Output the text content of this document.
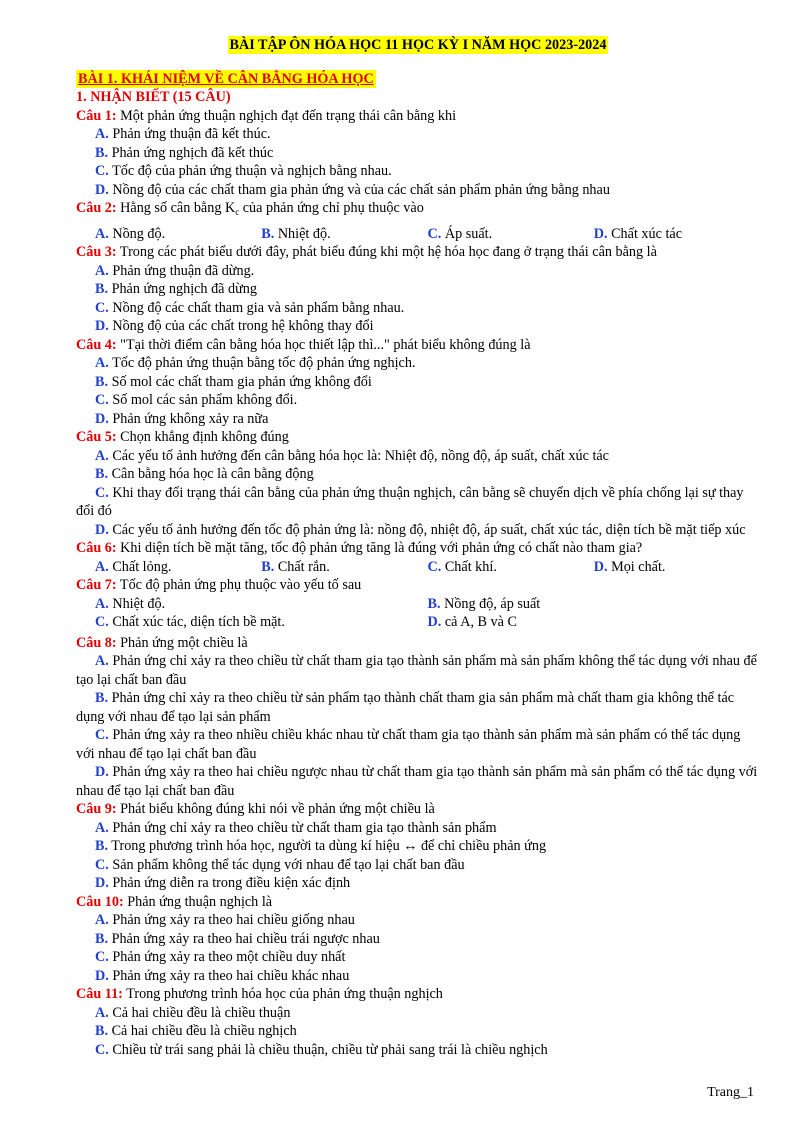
BÀI TẬP ÔN HÓA HỌC 11 HỌC KỲ I NĂM HỌC 2023-2024
BÀI 1. KHÁI NIỆM VỀ CÂN BẰNG HÓA HỌC
1. NHẬN BIẾT (15 CÂU)
Câu 1: Một phản ứng thuận nghịch đạt đến trạng thái cân bằng khi
A. Phản ứng thuận đã kết thúc.
B. Phản ứng nghịch đã kết thúc
C. Tốc độ của phản ứng thuận và nghịch bằng nhau.
D. Nồng độ của các chất tham gia phản ứng và của các chất sản phẩm phản ứng bằng nhau
Câu 2: Hằng số cân bằng $K_c$ của phản ứng chỉ phụ thuộc vào
A. Nồng độ.	B. Nhiệt độ.	C. Áp suất.	D. Chất xúc tác
Câu 3: Trong các phát biểu dưới đây, phát biểu đúng khi một hệ hóa học đang ở trạng thái cân bằng là
A. Phản ứng thuận đã dừng.
B. Phản ứng nghịch đã dừng
C. Nồng độ các chất tham gia và sản phẩm bằng nhau.
D. Nồng độ của các chất trong hệ không thay đổi
Câu 4: "Tại thời điểm cân bằng hóa học thiết lập thì..." phát biểu không đúng là
A. Tốc độ phản ứng thuận bằng tốc độ phản ứng nghịch.
B. Số mol các chất tham gia phản ứng không đổi
C. Số mol các sản phẩm không đổi.
D. Phản ứng không xảy ra nữa
Câu 5: Chọn khẳng định không đúng
A. Các yếu tố ảnh hưởng đến cân bằng hóa học là: Nhiệt độ, nồng độ, áp suất, chất xúc tác
B. Cân bằng hóa học là cân bằng động
C. Khi thay đổi trạng thái cân bằng của phản ứng thuận nghịch, cân bằng sẽ chuyển dịch về phía chống lại sự thay đổi đó
D. Các yếu tố ảnh hưởng đến tốc độ phản ứng là: nồng độ, nhiệt độ, áp suất, chất xúc tác, diện tích bề mặt tiếp xúc
Câu 6: Khi diện tích bề mặt tăng, tốc độ phản ứng tăng là đúng với phản ứng có chất nào tham gia?
A. Chất lỏng.	B. Chất rắn.	C. Chất khí.	D. Mọi chất.
Câu 7: Tốc độ phản ứng phụ thuộc vào yếu tố sau
A. Nhiệt độ.	B. Nồng độ, áp suất
C. Chất xúc tác, diện tích bề mặt.	D. cả A, B và C
Câu 8: Phản ứng một chiều là
A. Phản ứng chỉ xảy ra theo chiều từ chất tham gia tạo thành sản phẩm mà sản phẩm không thể tác dụng với nhau để tạo lại chất ban đầu
B. Phản ứng chỉ xảy ra theo chiều từ sản phẩm tạo thành chất tham gia sản phẩm mà chất tham gia không thể tác dụng với nhau để tạo lại sản phẩm
C. Phản ứng xảy ra theo nhiều chiều khác nhau từ chất tham gia tạo thành sản phẩm mà sản phẩm có thể tác dụng với nhau để tạo lại chất ban đầu
D. Phản ứng xảy ra theo hai chiều ngược nhau từ chất tham gia tạo thành sản phẩm mà sản phẩm có thể tác dụng với nhau để tạo lại chất ban đầu
Câu 9: Phát biểu không đúng khi nói về phản ứng một chiều là
A. Phản ứng chỉ xảy ra theo chiều từ chất tham gia tạo thành sản phẩm
B. Trong phương trình hóa học, người ta dùng kí hiệu ↔ để chỉ chiều phản ứng
C. Sản phẩm không thể tác dụng với nhau để tạo lại chất ban đầu
D. Phản ứng diễn ra trong điều kiện xác định
Câu 10: Phản ứng thuận nghịch là
A. Phản ứng xảy ra theo hai chiều giống nhau
B. Phản ứng xảy ra theo hai chiều trái ngược nhau
C. Phản ứng xảy ra theo một chiều duy nhất
D. Phản ứng xảy ra theo hai chiều khác nhau
Câu 11: Trong phương trình hóa học của phản ứng thuận nghịch
A. Cả hai chiều đều là chiều thuận
B. Cả hai chiều đều là chiều nghịch
C. Chiều từ trái sang phải là chiều thuận, chiều từ phải sang trái là chiều nghịch
Trang_1
